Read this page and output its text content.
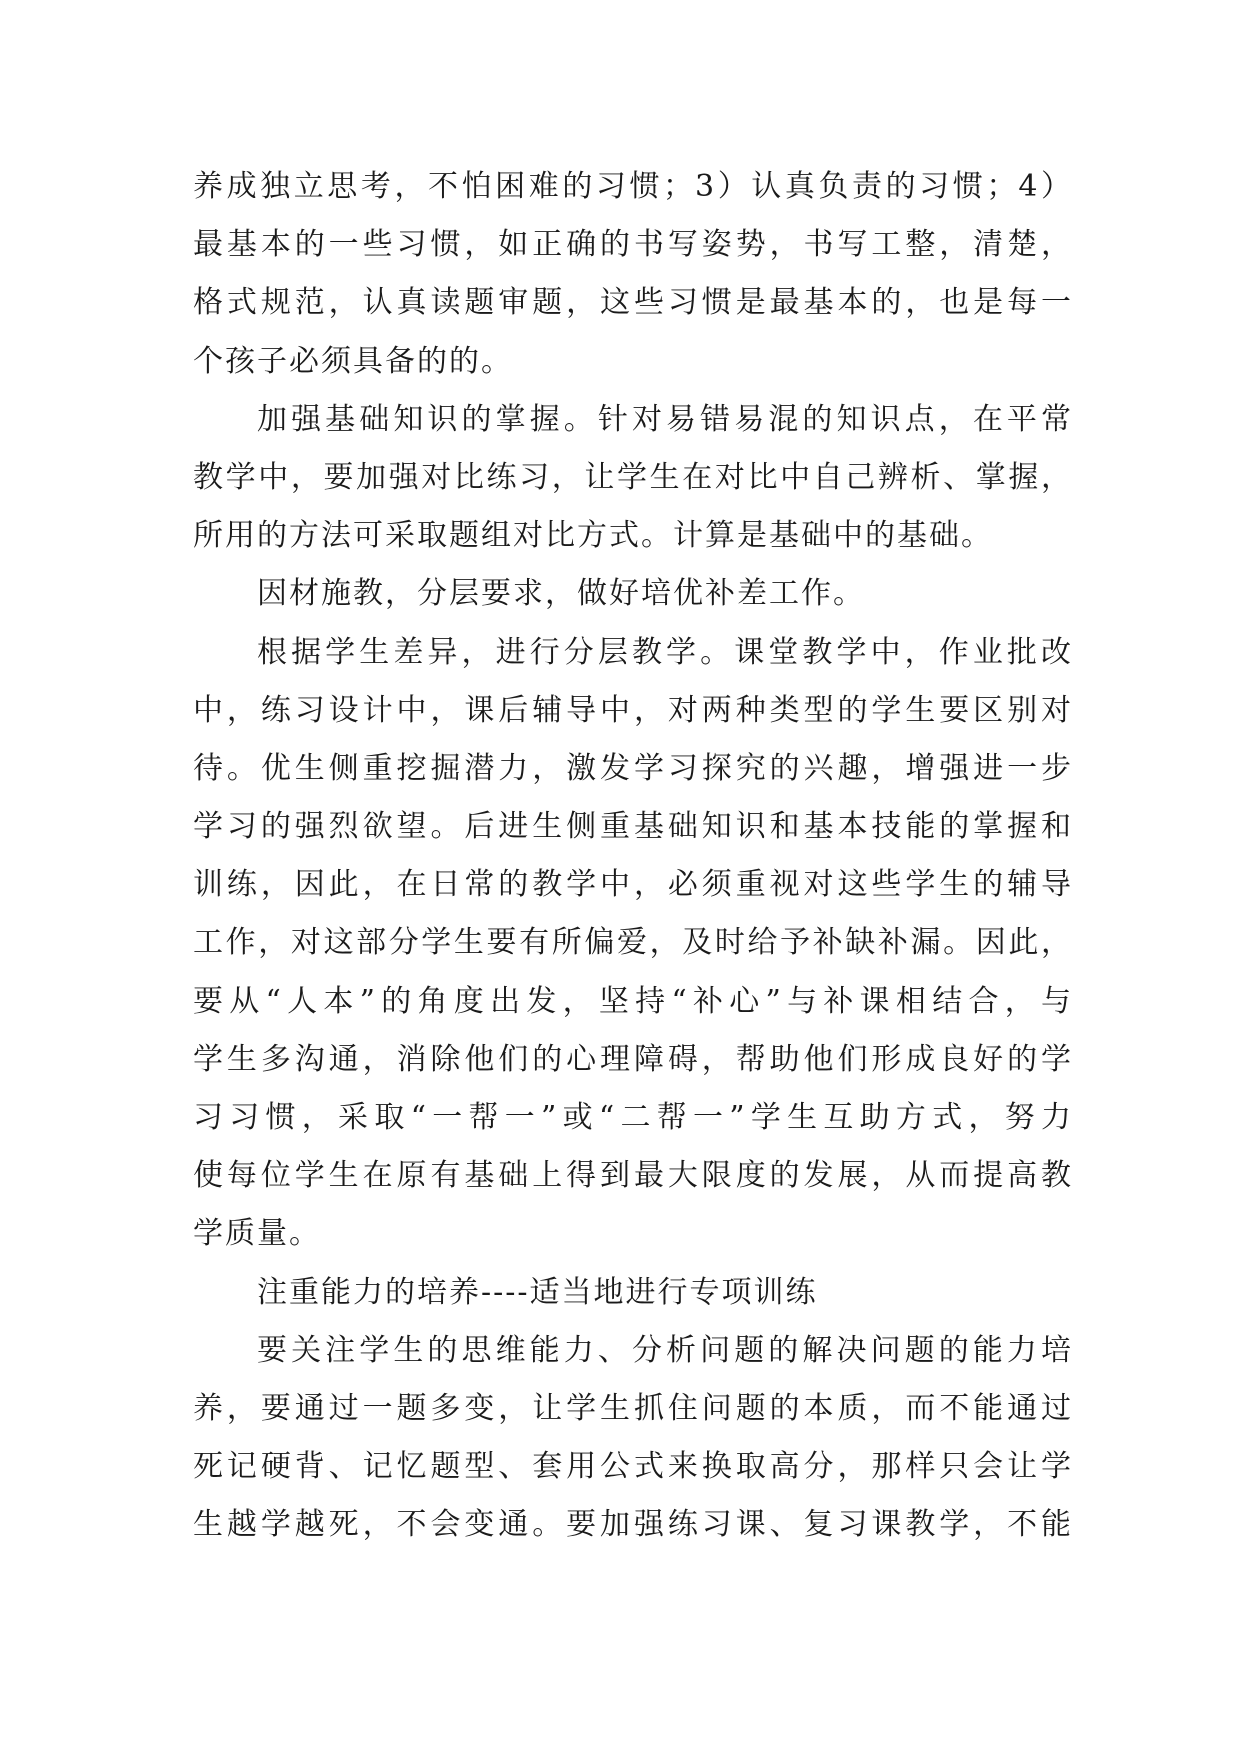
养成独立思考，不怕困难的习惯；3）认真负责的习惯；4）
最基本的一些习惯，如正确的书写姿势，书写工整，清楚，
格式规范，认真读题审题，这些习惯是最基本的，也是每一
个孩子必须具备的的。
加强基础知识的掌握。针对易错易混的知识点，在平常
教学中，要加强对比练习，让学生在对比中自己辨析、掌握，
所用的方法可采取题组对比方式。计算是基础中的基础。
因材施教，分层要求，做好培优补差工作。
根据学生差异，进行分层教学。课堂教学中，作业批改
中，练习设计中，课后辅导中，对两种类型的学生要区别对
待。优生侧重挖掘潜力，激发学习探究的兴趣，增强进一步
学习的强烈欲望。后进生侧重基础知识和基本技能的掌握和
训练，因此，在日常的教学中，必须重视对这些学生的辅导
工作，对这部分学生要有所偏爱，及时给予补缺补漏。因此，
要从“人本”的角度出发，坚持“补心”与补课相结合，与
学生多沟通，消除他们的心理障碍，帮助他们形成良好的学
习习惯，采取“一帮一”或“二帮一”学生互助方式，努力
使每位学生在原有基础上得到最大限度的发展，从而提高教
学质量。
注重能力的培养----适当地进行专项训练
要关注学生的思维能力、分析问题的解决问题的能力培
养，要通过一题多变，让学生抓住问题的本质，而不能通过
死记硬背、记忆题型、套用公式来换取高分，那样只会让学
生越学越死，不会变通。要加强练习课、复习课教学，不能
